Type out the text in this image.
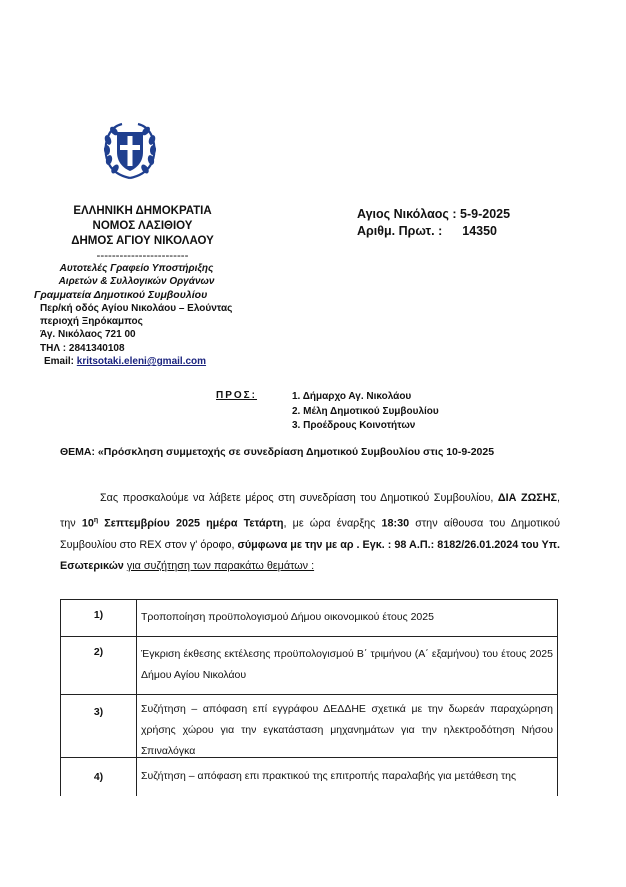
ΕΛΛΗΝΙΚΗ ΔΗΜΟΚΡΑΤΙΑ
ΝΟΜΟΣ ΛΑΣΙΘΙΟΥ
ΔΗΜΟΣ ΑΓΙΟΥ ΝΙΚΟΛΑΟΥ
------------------------
Αγιος Νικόλαος : 5-9-2025
Αριθμ. Πρωτ. : 14350
Αυτοτελές Γραφείο Υποστήριξης
Αιρετών & Συλλογικών Οργάνων
Γραμματεία Δημοτικού Συμβουλίου
Περ/κή οδός Αγίου Νικολάου – Ελούντας
περιοχή Ξηρόκαμπος
Άγ. Νικόλαος 721 00
ΤΗΛ : 2841340108
Email: kritsotaki.eleni@gmail.com
ΠΡΟΣ:	1. Δήμαρχο Αγ. Νικολάου
2. Μέλη Δημοτικού Συμβουλίου
3. Προέδρους Κοινοτήτων
ΘΕΜΑ: «Πρόσκληση συμμετοχής σε συνεδρίαση Δημοτικού Συμβουλίου στις 10-9-2025
Σας προσκαλούμε να λάβετε μέρος στη συνεδρίαση του Δημοτικού Συμβουλίου, ΔΙΑ ΖΩΣΗΣ, την $10^\eta$ Σεπτεμβρίου 2025 ημέρα Τετάρτη, με ώρα έναρξης 18:30 στην αίθουσα του Δημοτικού Συμβουλίου στο REX στον γ' όροφο, σύμφωνα με την με αρ . Εγκ. : 98 Α.Π.: 8182/26.01.2024 του Υπ. Εσωτερικών για συζήτηση των παρακάτω θεμάτων :
1)	Τροποποίηση προϋπολογισμού Δήμου οικονομικού έτους 2025
2)	Έγκριση έκθεσης εκτέλεσης προϋπολογισμού Β΄ τριμήνου (Α΄ εξαμήνου) του έτους 2025 Δήμου Αγίου Νικολάου
3)	Συζήτηση – απόφαση επί εγγράφου ΔΕΔΔΗΕ σχετικά με την δωρεάν παραχώρηση χρήσης χώρου για την εγκατάσταση μηχανημάτων για την ηλεκτροδότηση Νήσου Σπιναλόγκα

4)	Συζήτηση – απόφαση επι πρακτικού της επιτροπής παραλαβής για μετάθεση της
